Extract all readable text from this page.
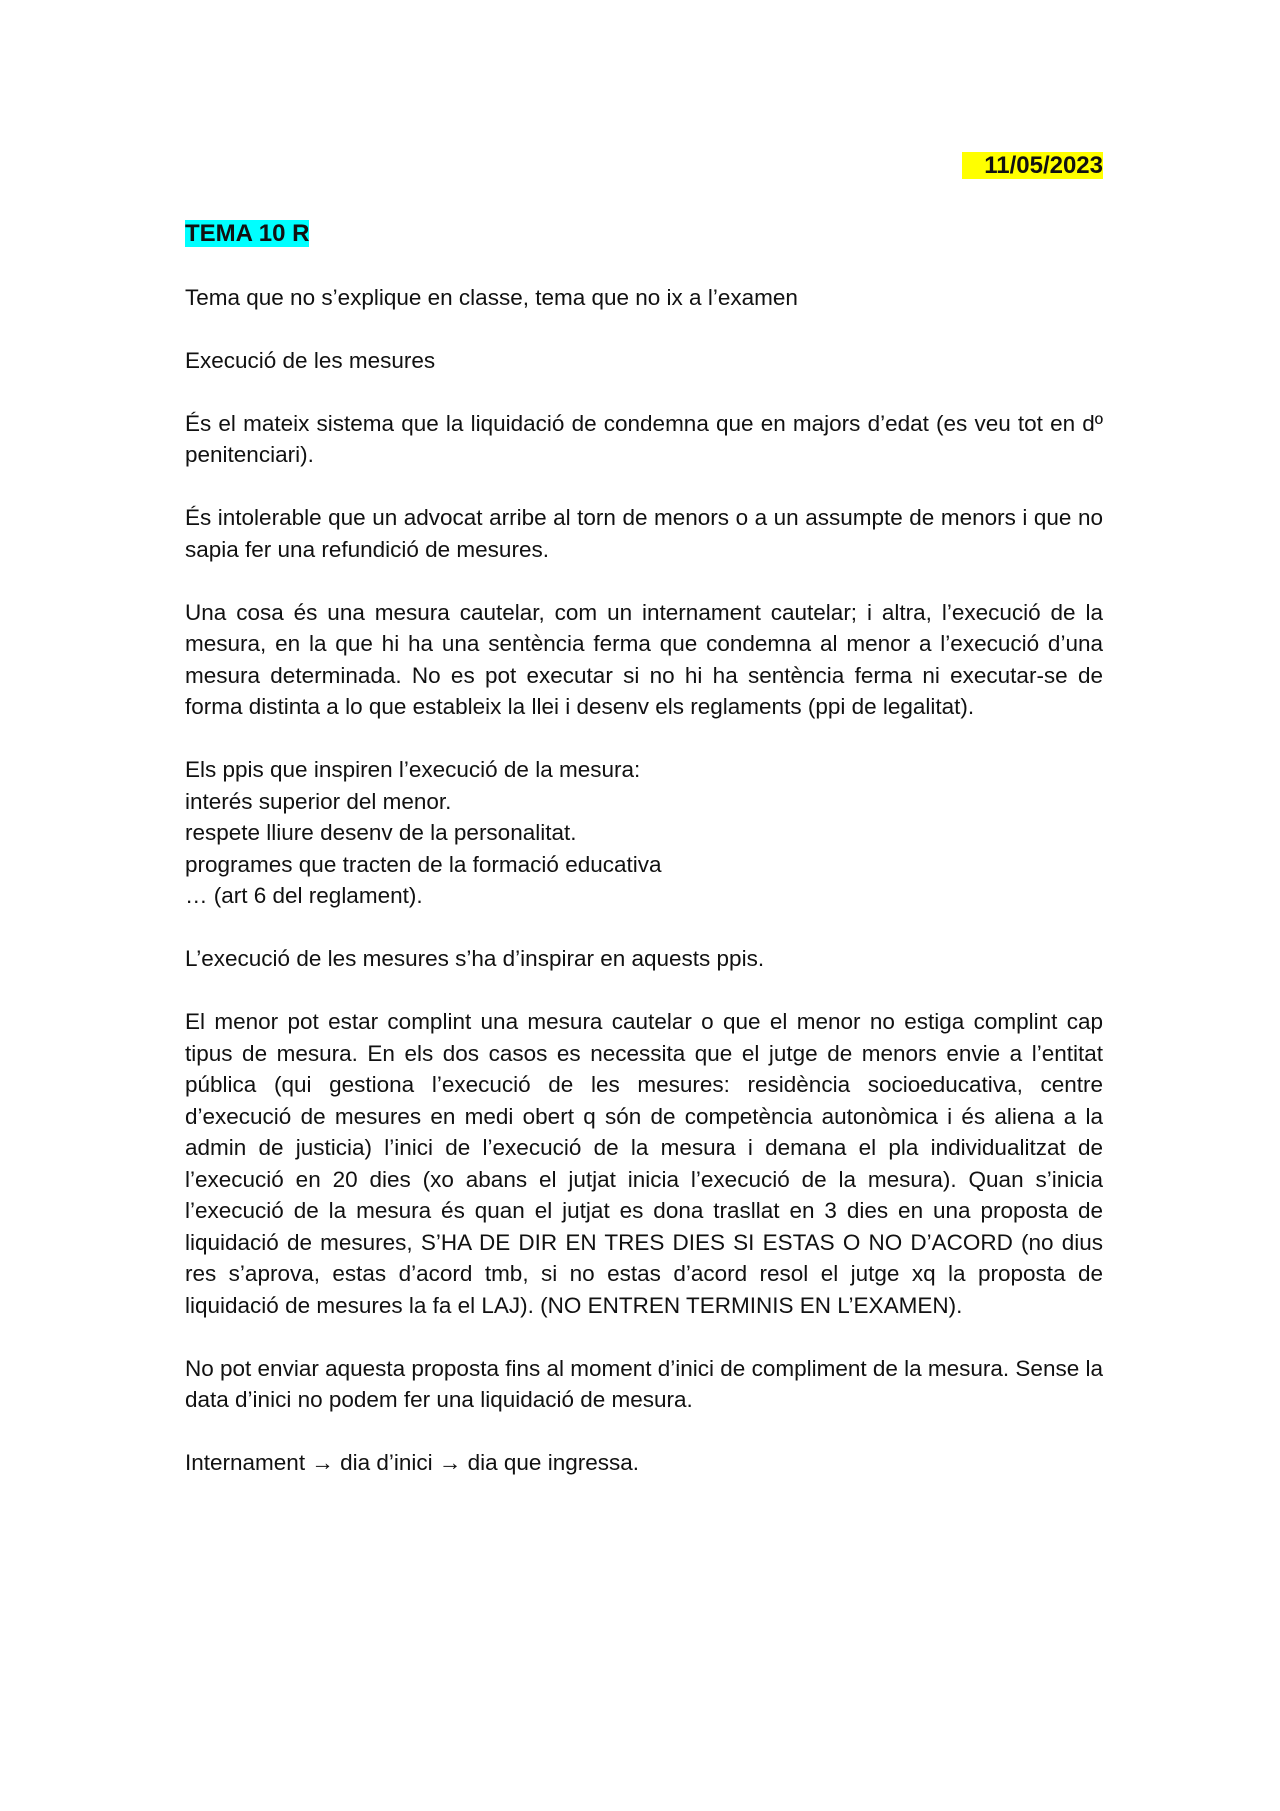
11/05/2023
TEMA 10 R

Tema que no s’explique en classe, tema que no ix a l’examen

Execució de les mesures

És el mateix sistema que la liquidació de condemna que en majors d’edat (es veu tot en dº penitenciari).

És intolerable que un advocat arribe al torn de menors o a un assumpte de menors i que no sapia fer una refundició de mesures.

Una cosa és una mesura cautelar, com un internament cautelar; i altra, l’execució de la mesura, en la que hi ha una sentència ferma que condemna al menor a l’execució d’una mesura determinada. No es pot executar si no hi ha sentència ferma ni executar-se de forma distinta a lo que estableix la llei i desenv els reglaments (ppi de legalitat).

Els ppis que inspiren l’execució de la mesura:
interés superior del menor.
respete lliure desenv de la personalitat.
programes que tracten de la formació educativa
… (art 6 del reglament).

L’execució de les mesures s’ha d’inspirar en aquests ppis.

El menor pot estar complint una mesura cautelar o que el menor no estiga complint cap tipus de mesura. En els dos casos es necessita que el jutge de menors envie a l’entitat pública (qui gestiona l’execució de les mesures: residència socioeducativa, centre d’execució de mesures en medi obert q són de competència autonòmica i és aliena a la admin de justicia) l’inici de l’execució de la mesura i demana el pla individualitzat de l’execució en 20 dies (xo abans el jutjat inicia l’execució de la mesura). Quan s’inicia l’execució de la mesura és quan el jutjat es dona trasllat en 3 dies en una proposta de liquidació de mesures, S’HA DE DIR EN TRES DIES SI ESTAS O NO D’ACORD (no dius res s’aprova, estas d’acord tmb, si no estas d’acord resol el jutge xq la proposta de liquidació de mesures la fa el LAJ). (NO ENTREN TERMINIS EN L’EXAMEN).

No pot enviar aquesta proposta fins al moment d’inici de compliment de la mesura. Sense la data d’inici no podem fer una liquidació de mesura.

Internament → dia d’inici → dia que ingressa.
